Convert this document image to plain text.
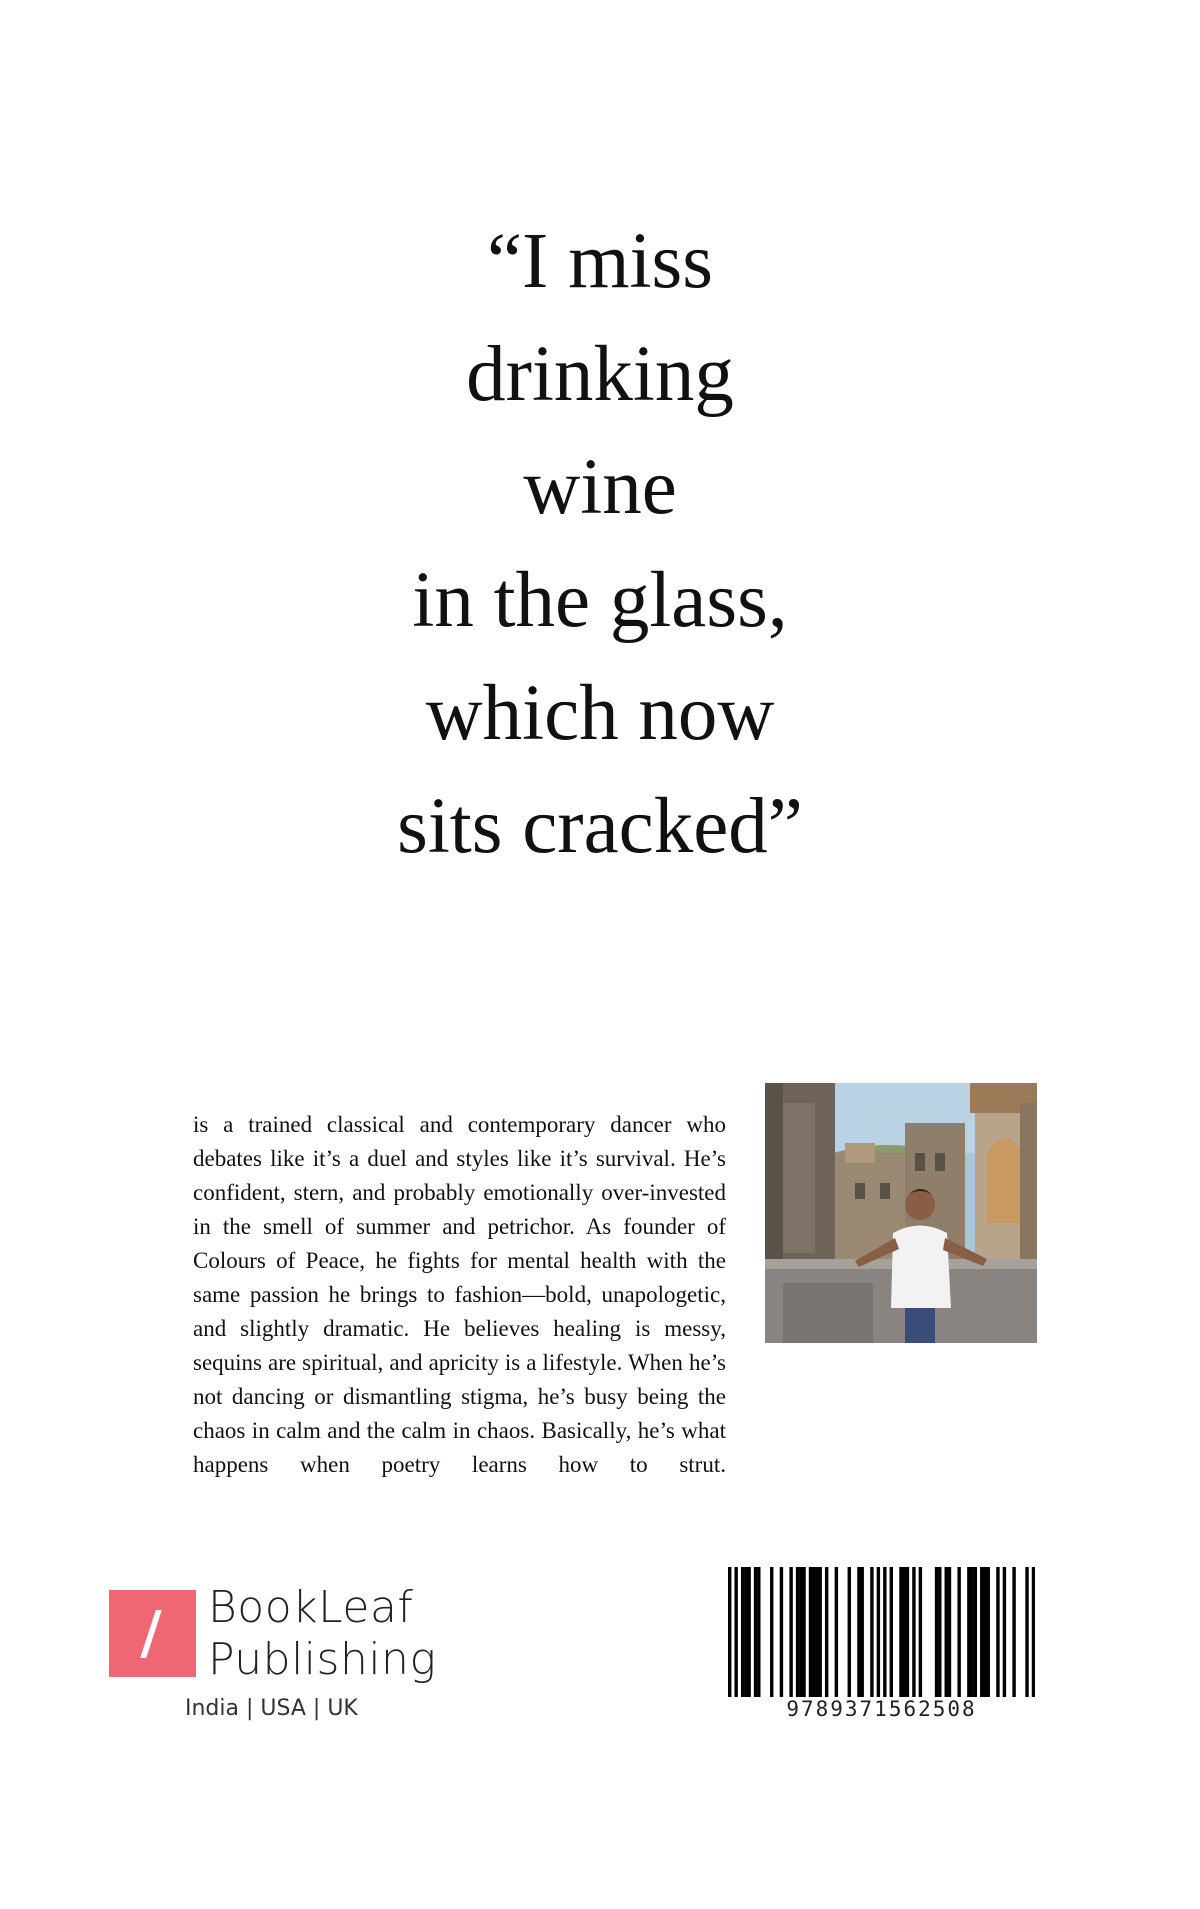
“I miss
drinking
wine
in the glass,
which now
sits cracked”

is a trained classical and contemporary dancer who debates like it’s a duel and styles like it’s survival. He’s confident, stern, and probably emotionally over-invested in the smell of summer and petrichor. As founder of Colours of Peace, he fights for mental health with the same passion he brings to fashion—bold, unapologetic, and slightly dramatic. He believes healing is messy, sequins are spiritual, and apricity is a lifestyle. When he’s not dancing or dismantling stigma, he’s busy being the chaos in calm and the calm in chaos. Basically, he’s what happens when poetry learns how to strut.

BookLeaf
Publishing
India | USA | UK	9789371562508
